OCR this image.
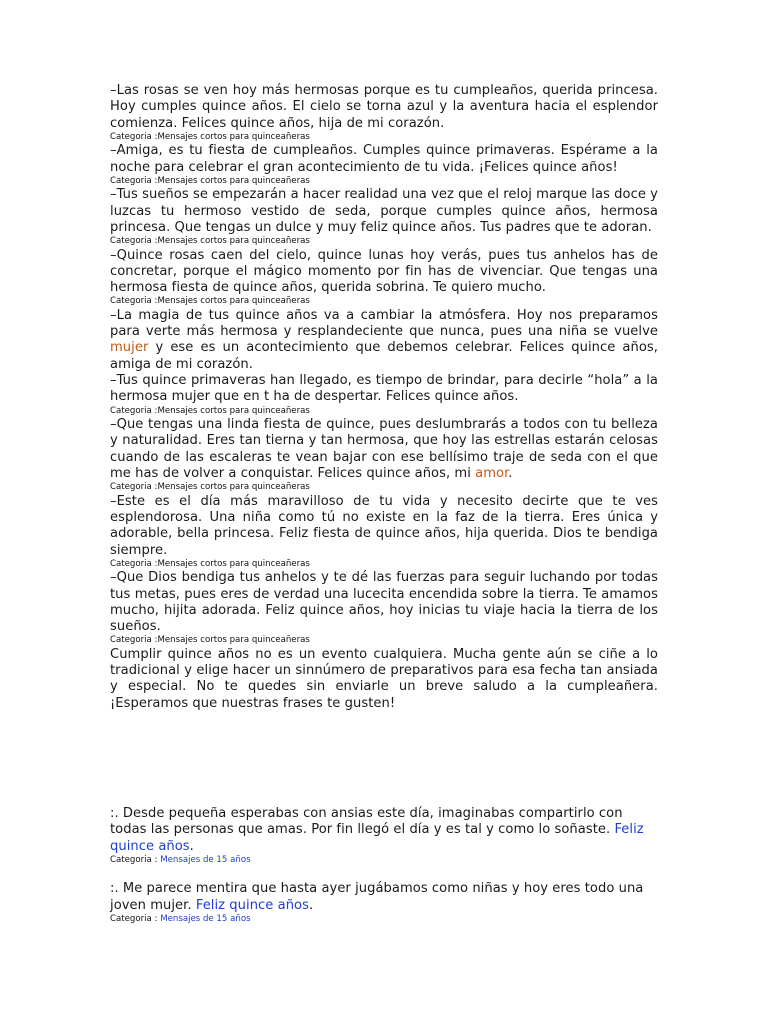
–Las rosas se ven hoy más hermosas porque es tu cumpleaños, querida princesa. Hoy cumples quince años. El cielo se torna azul y la aventura hacia el esplendor comienza. Felices quince años, hija de mi corazón.

Categoria :Mensajes cortos para quinceañeras

–Amiga, es tu fiesta de cumpleaños. Cumples quince primaveras. Espérame a la noche para celebrar el gran acontecimiento de tu vida. ¡Felices quince años!

Categoria :Mensajes cortos para quinceañeras

–Tus sueños se empezarán a hacer realidad una vez que el reloj marque las doce y luzcas tu hermoso vestido de seda, porque cumples quince años, hermosa princesa. Que tengas un dulce y muy feliz quince años. Tus padres que te adoran.

Categoria :Mensajes cortos para quinceañeras

–Quince rosas caen del cielo, quince lunas hoy verás, pues tus anhelos has de concretar, porque el mágico momento por fin has de vivenciar. Que tengas una hermosa fiesta de quince años, querida sobrina. Te quiero mucho.

Categoria :Mensajes cortos para quinceañeras

–La magia de tus quince años va a cambiar la atmósfera. Hoy nos preparamos para verte más hermosa y resplandeciente que nunca, pues una niña se vuelve mujer y ese es un acontecimiento que debemos celebrar. Felices quince años, amiga de mi corazón.

–Tus quince primaveras han llegado, es tiempo de brindar, para decirle “hola” a la hermosa mujer que en t ha de despertar. Felices quince años.

Categoria :Mensajes cortos para quinceañeras

–Que tengas una linda fiesta de quince, pues deslumbrarás a todos con tu belleza y naturalidad. Eres tan tierna y tan hermosa, que hoy las estrellas estarán celosas cuando de las escaleras te vean bajar con ese bellísimo traje de seda con el que me has de volver a conquistar. Felices quince años, mi amor.

Categoria :Mensajes cortos para quinceañeras

–Este es el día más maravilloso de tu vida y necesito decirte que te ves esplendorosa. Una niña como tú no existe en la faz de la tierra. Eres única y adorable, bella princesa. Feliz fiesta de quince años, hija querida. Dios te bendiga siempre.

Categoria :Mensajes cortos para quinceañeras

–Que Dios bendiga tus anhelos y te dé las fuerzas para seguir luchando por todas tus metas, pues eres de verdad una lucecita encendida sobre la tierra. Te amamos mucho, hijita adorada. Feliz quince años, hoy inicias tu viaje hacia la tierra de los sueños.

Categoria :Mensajes cortos para quinceañeras

Cumplir quince años no es un evento cualquiera. Mucha gente aún se ciñe a lo tradicional y elige hacer un sinnúmero de preparativos para esa fecha tan ansiada y especial. No te quedes sin enviarle un breve saludo a la cumpleañera. ¡Esperamos que nuestras frases te gusten!

:. Desde pequeña esperabas con ansias este día, imaginabas compartirlo con todas las personas que amas. Por fin llegó el día y es tal y como lo soñaste. Feliz quince años.

Categoria : Mensajes de 15 años

:. Me parece mentira que hasta ayer jugábamos como niñas y hoy eres todo una joven mujer. Feliz quince años.

Categoria : Mensajes de 15 años
